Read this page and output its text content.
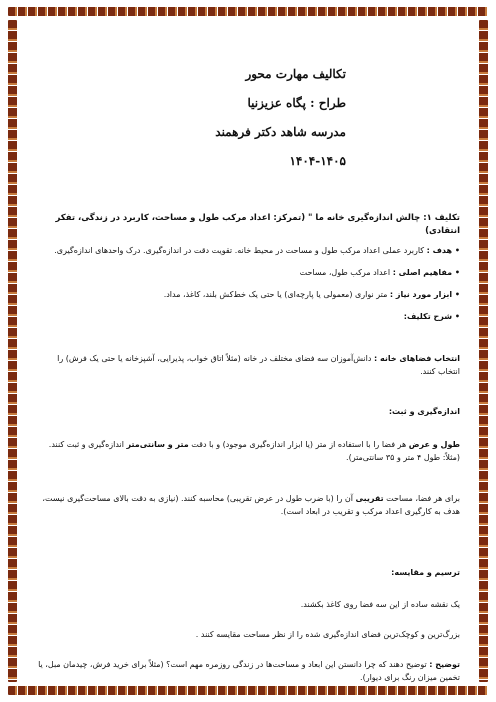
تکالیف مهارت محور
طراح : پگاه عزیزنیا
مدرسه شاهد دکتر فرهمند
۱۴۰۴-۱۴۰۵
تکلیف ۱: چالش اندازه‌گیری خانه ما " (تمرکز: اعداد مرکب طول و مساحت، کاربرد در زندگی، تفکر انتقادی)
• هدف : کاربرد عملی اعداد مرکب طول و مساحت در محیط خانه. تقویت دقت در اندازه‌گیری. درک واحدهای اندازه‌گیری.
• مفاهیم اصلی : اعداد مرکب طول، مساحت
• ابزار مورد نیاز : متر نواری (معمولی یا پارچه‌ای) یا حتی یک خط‌کش بلند، کاغذ، مداد.
• شرح تکلیف:
انتخاب فضاهای خانه : دانش‌آموزان سه فضای مختلف در خانه (مثلاً اتاق خواب، پذیرایی، آشپزخانه یا حتی یک فرش) را انتخاب کنند.
اندازه‌گیری و ثبت:
طول و عرض هر فضا را با استفاده از متر (یا ابزار اندازه‌گیری موجود) و با دقت متر و سانتی‌متر اندازه‌گیری و ثبت کنند. (مثلاً: طول ۴ متر و ۳۵ سانتی‌متر).
برای هر فضا، مساحت تقریبی آن را (با ضرب طول در عرض تقریبی) محاسبه کنند. (نیازی به دقت بالای مساحت‌گیری نیست، هدف به کارگیری اعداد مرکب و تقریب در ابعاد است).
ترسیم و مقایسه:
یک نقشه ساده از این سه فضا روی کاغذ بکشند.
بزرگ‌ترین و کوچک‌ترین فضای اندازه‌گیری شده را از نظر مساحت مقایسه کنند .
توضیح : توضیح دهند که چرا دانستن این ابعاد و مساحت‌ها در زندگی روزمره مهم است؟ (مثلاً برای خرید فرش، چیدمان مبل، یا تخمین میزان رنگ برای دیوار).
